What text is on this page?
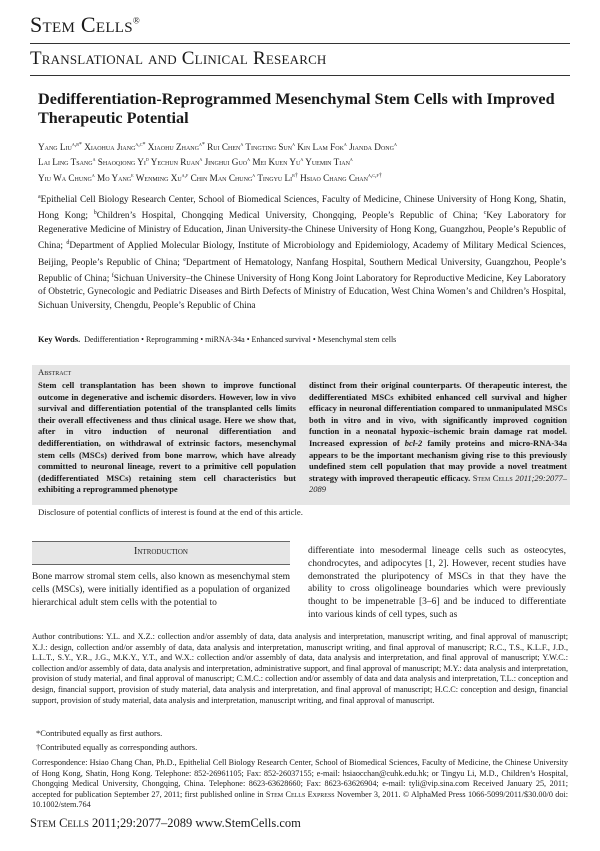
Stem Cells®
Translational and Clinical Research
Dedifferentiation-Reprogrammed Mesenchymal Stem Cells with Improved Therapeutic Potential

Yang Liu$^{a,b*}$ Xiaohua Jiang$^{a,c*}$ Xiaohu Zhang$^{a*}$ Rui Chen$^a$ Tingting Sun$^a$ Kin Lam Fok$^a$ Jianda Dong$^a$
Lai Ling Tsang$^a$ Shaoqiong Yi$^d$ Yechun Ruan$^a$ Jinghui Guo$^a$ Mei Kuen Yu$^a$ Yuemin Tian$^a$
Yiu Wa Chung$^a$ Mo Yang$^e$ Wenming Xu$^{a,f}$ Chin Man Chung$^a$ Tingyu $Li^{b\dagger}$ Hsiao Chang Chan$^{a,c,f\dagger}$

$^a$Epithelial Cell Biology Research Center, School of Biomedical Sciences, Faculty of Medicine, Chinese University of Hong Kong, Shatin, Hong Kong; $^b$Children’s Hospital, Chongqing Medical University, Chongqing, People’s Republic of China; $^c$Key Laboratory for Regenerative Medicine of Ministry of Education, Jinan University-the Chinese University of Hong Kong, Guangzhou, People’s Republic of China; $^d$Department of Applied Molecular Biology, Institute of Microbiology and Epidemiology, Academy of Military Medical Sciences, Beijing, People’s Republic of China; $^e$Department of Hematology, Nanfang Hospital, Southern Medical University, Guangzhou, People’s Republic of China; $^f$Sichuan University–the Chinese University of Hong Kong Joint Laboratory for Reproductive Medicine, Key Laboratory of Obstetric, Gynecologic and Pediatric Diseases and Birth Defects of Ministry of Education, West China Women’s and Children’s Hospital, Sichuan University, Chengdu, People’s Republic of China

Key Words. Dedifferentiation • Reprogramming • miRNA-34a • Enhanced survival • Mesenchymal stem cells
Abstract
Stem cell transplantation has been shown to improve functional outcome in degenerative and ischemic disorders. However, low in vivo survival and differentiation potential of the transplanted cells limits their overall effectiveness and thus clinical usage. Here we show that, after in vitro induction of neuronal differentiation and dedifferentiation, on withdrawal of extrinsic factors, mesenchymal stem cells (MSCs) derived from bone marrow, which have already committed to neuronal lineage, revert to a primitive cell population (dedifferentiated MSCs) retaining stem cell characteristics but exhibiting a reprogrammed phenotype
distinct from their original counterparts. Of therapeutic interest, the dedifferentiated MSCs exhibited enhanced cell survival and higher efficacy in neuronal differentiation compared to unmanipulated MSCs both in vitro and in vivo, with significantly improved cognition function in a neonatal hypoxic–ischemic brain damage rat model. Increased expression of bcl-2 family proteins and micro-RNA-34a appears to be the important mechanism giving rise to this previously undefined stem cell population that may provide a novel treatment strategy with improved therapeutic efficacy. Stem Cells 2011;29:2077–2089
Disclosure of potential conflicts of interest is found at the end of this article.
Introduction

Bone marrow stromal stem cells, also known as mesenchymal stem cells (MSCs), were initially identified as a population of organized hierarchical adult stem cells with the potential to

differentiate into mesodermal lineage cells such as osteocytes, chondrocytes, and adipocytes [1, 2]. However, recent studies have demonstrated the pluripotency of MSCs in that they have the ability to cross oligolineage boundaries which were previously thought to be impenetrable [3–6] and be induced to differentiate into various kinds of cell types, such as

Author contributions: Y.L. and X.Z.: collection and/or assembly of data, data analysis and interpretation, manuscript writing, and final approval of manuscript; X.J.: design, collection and/or assembly of data, data analysis and interpretation, manuscript writing, and final approval of manuscript; R.C., T.S., K.L.F., J.D., L.L.T., S.Y., Y.R., J.G., M.K.Y., Y.T., and W.X.: collection and/or assembly of data, data analysis and interpretation, and final approval of manuscript; Y.W.C.: collection and/or assembly of data, data analysis and interpretation, administrative support, and final approval of manuscript; M.Y.: data analysis and interpretation, provision of study material, and final approval of manuscript; C.M.C.: collection and/or assembly of data and data analysis and interpretation, T.L.: conception and design, financial support, provision of study material, data analysis and interpretation, and final approval of manuscript; H.C.C: conception and design, financial support, provision of study material, data analysis and interpretation, manuscript writing, and final approval of manuscript.

*Contributed equally as first authors.
†Contributed equally as corresponding authors.

Correspondence: Hsiao Chang Chan, Ph.D., Epithelial Cell Biology Research Center, School of Biomedical Sciences, Faculty of Medicine, the Chinese University of Hong Kong, Shatin, Hong Kong. Telephone: 852-26961105; Fax: 852-26037155; e-mail: hsiaocchan@cuhk.edu.hk; or Tingyu Li, M.D., Children’s Hospital, Chongqing Medical University, Chongqing, China. Telephone: 8623-63628660; Fax: 8623-63626904; e-mail: tyli@vip.sina.com Received January 25, 2011; accepted for publication September 27, 2011; first published online in Stem Cells Express November 3, 2011. © AlphaMed Press 1066-5099/2011/$30.00/0 doi: 10.1002/stem.764

Stem Cells 2011;29:2077–2089 www.StemCells.com
